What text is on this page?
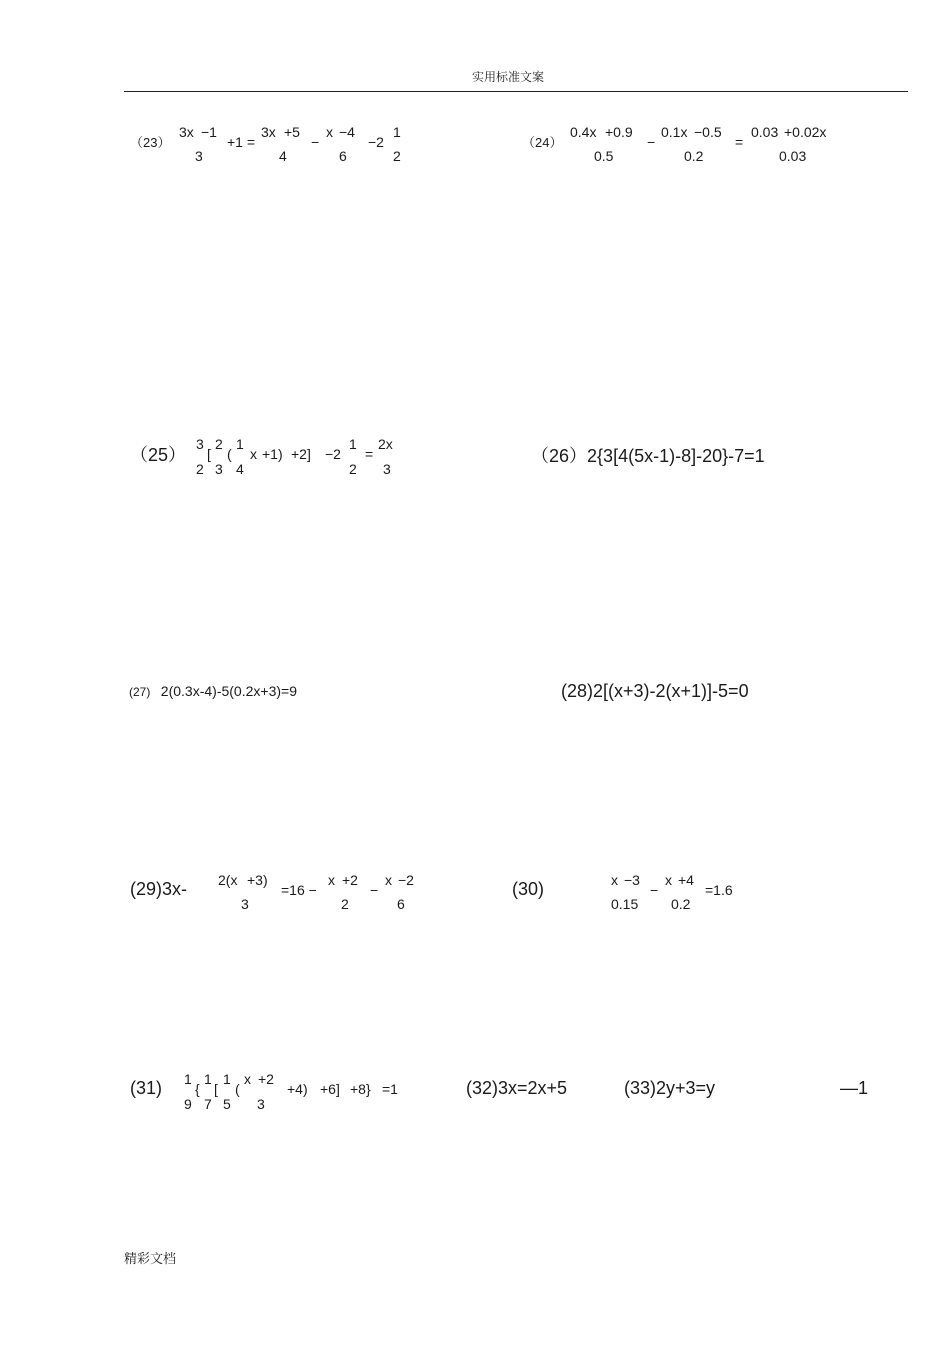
实用标准文案
（23）
3x −1
3
+1 =
3x +5
4
−
x −4
6
−2
1
2
（24）
0.4x +0.9
0.5
−
0.1x −0.5
0.2
=
0.03 +0.02x
0.03
（25）
3
2
[
2
3
(
1
4
x +1) +2] −2
1
2
=
2x
3
（26）2{3[4(5x-1)-8]-20}-7=1
(27) 2(0.3x-4)-5(0.2x+3)=9	(28)2[(x+3)-2(x+1)]-5=0
(29)3x- 2(x +3)
3
=16 −
x +2
2
−
x −2
6
(30)	x −3
0.15
−
x +4
0.2
=1.6
(31) 1
9
{
1
7
[
1
5
(
x +2
3
+4) +6] +8} =1	(32)3x=2x+5	(33)2y+3=y	—1
精彩文档
